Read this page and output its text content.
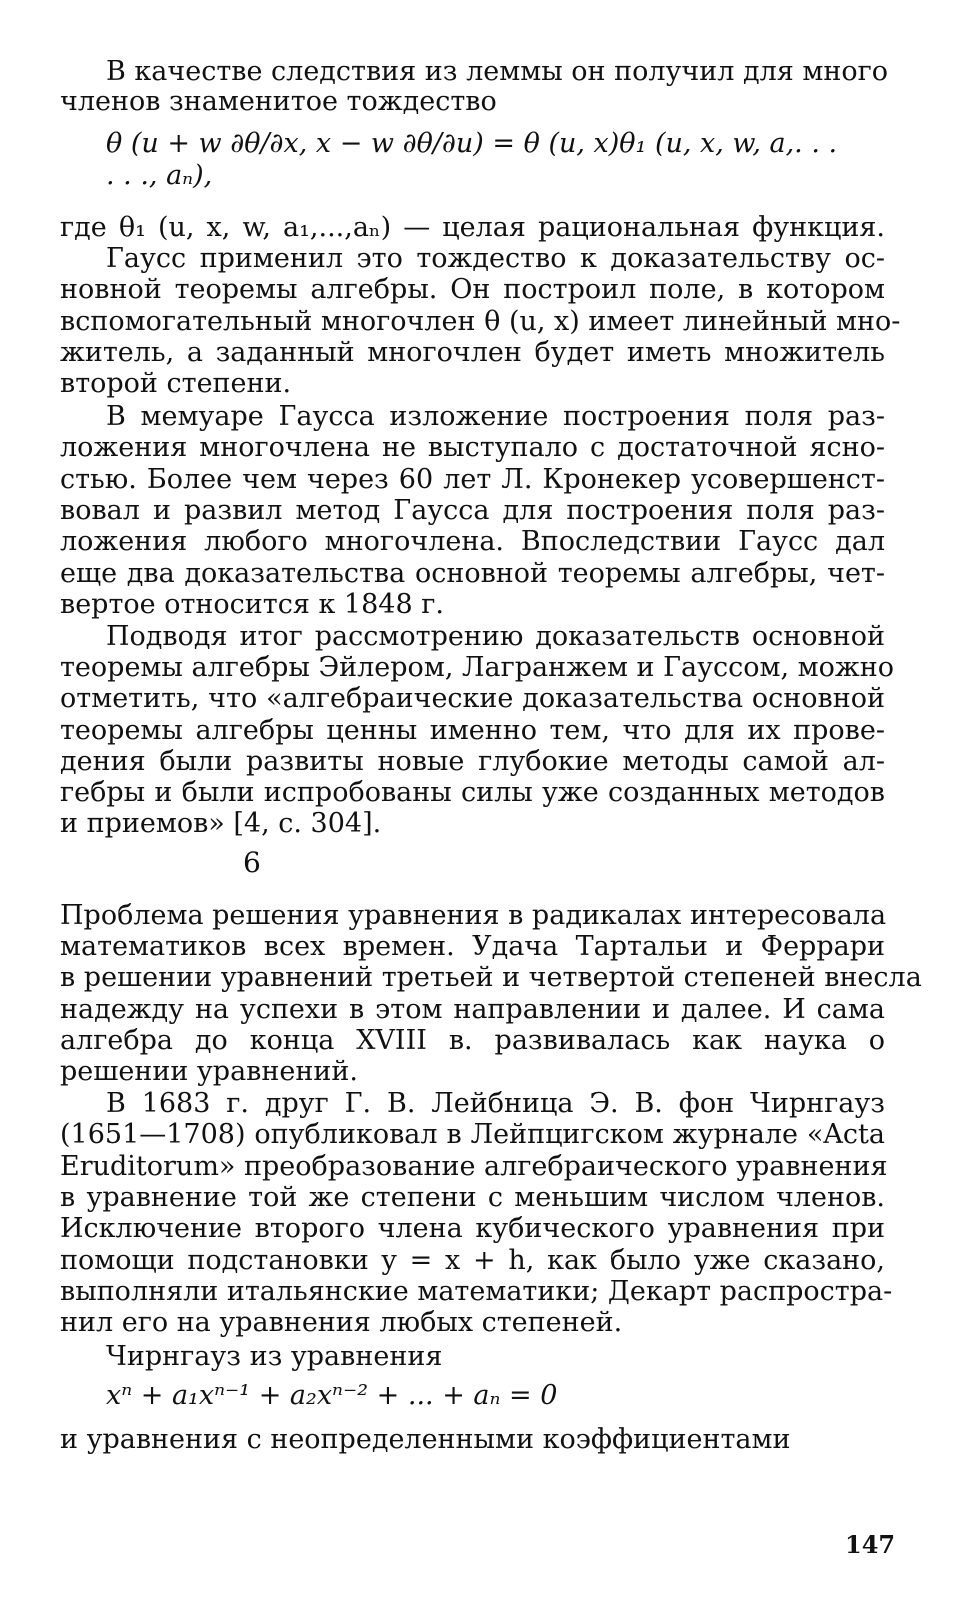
В качестве следствия из леммы он получил для много
членов знаменитое тождество
θ (u + w ∂θ/∂x, x − w ∂θ/∂u) = θ (u, x)θ₁ (u, x, w, a,. . .
. . ., aₙ),
где θ₁ (u, x, w, a₁,...,aₙ) — целая рациональная функция.
Гаусс применил это тождество к доказательству ос-
новной теоремы алгебры. Он построил поле, в котором
вспомогательный многочлен θ (u, x) имеет линейный мно-
житель, а заданный многочлен будет иметь множитель
второй степени.
В мемуаре Гаусса изложение построения поля раз-
ложения многочлена не выступало с достаточной ясно-
стью. Более чем через 60 лет Л. Кронекер усовершенст-
вовал и развил метод Гаусса для построения поля раз-
ложения любого многочлена. Впоследствии Гаусс дал
еще два доказательства основной теоремы алгебры, чет-
вертое относится к 1848 г.
Подводя итог рассмотрению доказательств основной
теоремы алгебры Эйлером, Лагранжем и Гауссом, можно
отметить, что «алгебраические доказательства основной
теоремы алгебры ценны именно тем, что для их прове-
дения были развиты новые глубокие методы самой ал-
гебры и были испробованы силы уже созданных методов
и приемов» [4, с. 304].
6
Проблема решения уравнения в радикалах интересовала
математиков всех времен. Удача Тартальи и Феррари
в решении уравнений третьей и четвертой степеней внесла
надежду на успехи в этом направлении и далее. И сама
алгебра до конца XVIII в. развивалась как наука о
решении уравнений.
В 1683 г. друг Г. В. Лейбница Э. В. фон Чирнгауз
(1651—1708) опубликовал в Лейпцигском журнале «Acta
Eruditorum» преобразование алгебраического уравнения
в уравнение той же степени с меньшим числом членов.
Исключение второго члена кубического уравнения при
помощи подстановки y = x + h, как было уже сказано,
выполняли итальянские математики; Декарт распростра-
нил его на уравнения любых степеней.
Чирнгауз из уравнения
xⁿ + a₁xⁿ⁻¹ + a₂xⁿ⁻² + ... + aₙ = 0
и уравнения с неопределенными коэффициентами
147
